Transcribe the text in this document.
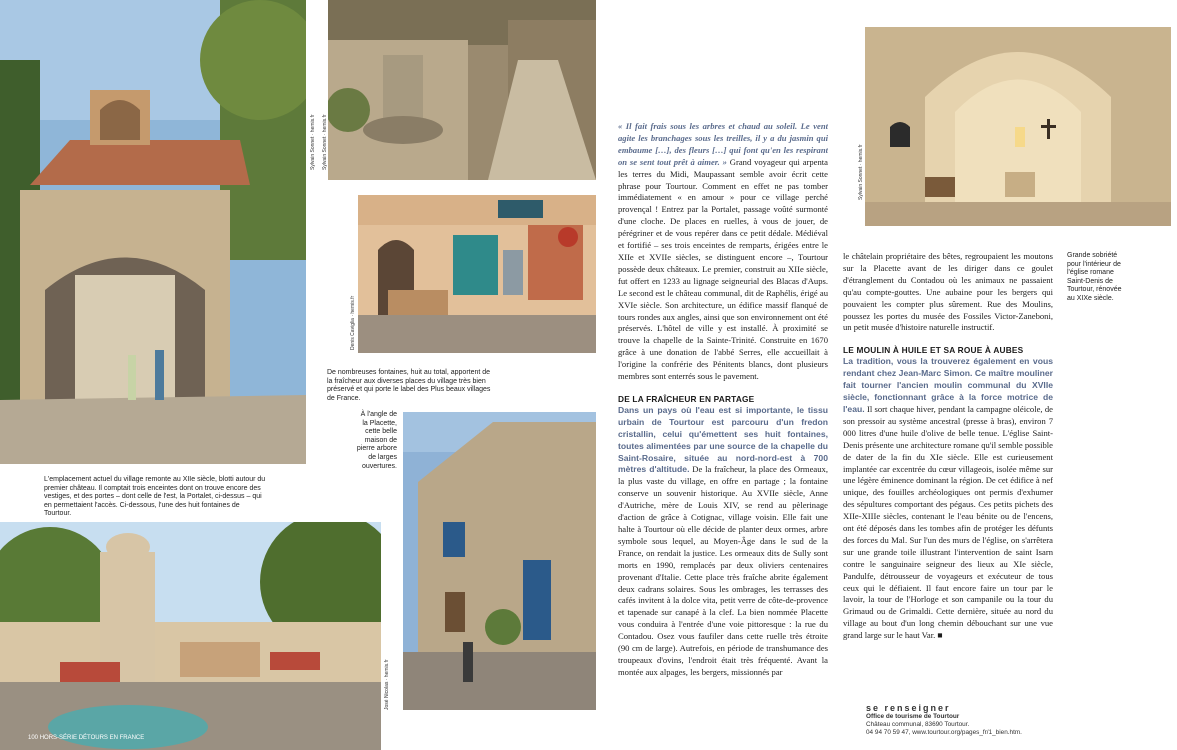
Sylvain Sonnet · hemis.fr Sylvain Sonnet · hemis.fr
Denis Caviglia · hemis.fr
José Nicolas · hemis.fr
Sylvain Sonnet · hemis.fr
L'emplacement actuel du village remonte au XIIe siècle, blotti autour du premier château. Il comptait trois enceintes dont on trouve encore des vestiges, et des portes – dont celle de l'est, la Portalet, ci-dessus – qui en permettaient l'accès. Ci-dessous, l'une des huit fontaines de Tourtour.
De nombreuses fontaines, huit au total, apportent de la fraîcheur aux diverses places du village très bien préservé et qui porte le label des Plus beaux villages de France.
À l'angle de la Placette, cette belle maison de pierre arbore de larges ouvertures.
Grande sobriété pour l'intérieur de l'église romane Saint-Denis de Tourtour, rénovée au XIXe siècle.

« Il fait frais sous les arbres et chaud au soleil. Le vent agite les branchages sous les treilles, il y a du jasmin qui embaume […], des fleurs […] qui font qu'en les respirant on se sent tout prêt à aimer. » Grand voyageur qui arpenta les terres du Midi, Maupassant semble avoir écrit cette phrase pour Tourtour. Comment en effet ne pas tomber immédiatement « en amour » pour ce village perché provençal ! Entrez par la Portalet, passage voûté surmonté d'une cloche. De places en ruelles, à vous de jouer, de pérégriner et de vous repérer dans ce petit dédale. Médiéval et fortifié – ses trois enceintes de remparts, érigées entre le XIIe et XVIIe siècles, se distinguent encore –, Tourtour possède deux châteaux. Le premier, construit au XIIe siècle, fut offert en 1233 au lignage seigneurial des Blacas d'Aups. Le second est le château communal, dit de Raphélis, érigé au XVIe siècle. Son architecture, un édifice massif flanqué de tours rondes aux angles, ainsi que son environnement ont été préservés. L'hôtel de ville y est installé. À proximité se trouve la chapelle de la Sainte-Trinité. Construite en 1670 grâce à une donation de l'abbé Serres, elle accueillait à l'origine la confrérie des Pénitents blancs, dont plusieurs membres sont enterrés sous le pavement.

DE LA FRAÎCHEUR EN PARTAGE

Dans un pays où l'eau est si importante, le tissu urbain de Tourtour est parcouru d'un fredon cristallin, celui qu'émettent ses huit fontaines, toutes alimentées par une source de la chapelle du Saint-Rosaire, située au nord-nord-est à 700 mètres d'altitude. De la fraîcheur, la place des Ormeaux, la plus vaste du village, en offre en partage ; la fontaine conserve un souvenir historique. Au XVIIe siècle, Anne d'Autriche, mère de Louis XIV, se rend au pèlerinage d'action de grâce à Cotignac, village voisin. Elle fait une halte à Tourtour où elle décide de planter deux ormes, arbre symbole sous lequel, au Moyen-Âge dans le sud de la France, on rendait la justice. Les ormeaux dits de Sully sont morts en 1990, remplacés par deux oliviers centenaires provenant d'Italie. Cette place très fraîche abrite également deux cadrans solaires. Sous les ombrages, les terrasses des cafés invitent à la dolce vita, petit verre de côte-de-provence et tapenade sur canapé à la clef. La bien nommée Placette vous conduira à l'entrée d'une voie pittoresque : la rue du Contadou. Osez vous faufiler dans cette ruelle très étroite (90 cm de large). Autrefois, en période de transhumance des troupeaux d'ovins, l'endroit était très fréquenté. Avant la montée aux alpages, les bergers, missionnés par

le châtelain propriétaire des bêtes, regroupaient les moutons sur la Placette avant de les diriger dans ce goulet d'étranglement du Contadou où les animaux ne passaient qu'au compte-gouttes. Une aubaine pour les bergers qui pouvaient les compter plus sûrement. Rue des Moulins, poussez les portes du musée des Fossiles Victor-Zaneboni, un petit musée d'histoire naturelle instructif.

LE MOULIN À HUILE ET SA ROUE À AUBES

La tradition, vous la trouverez également en vous rendant chez Jean-Marc Simon. Ce maître mouliner fait tourner l'ancien moulin communal du XVIIe siècle, fonctionnant grâce à la force motrice de l'eau. Il sort chaque hiver, pendant la campagne oléicole, de son pressoir au système ancestral (presse à bras), environ 7 000 litres d'une huile d'olive de belle tenue. L'église Saint-Denis présente une architecture romane qu'il semble possible de dater de la fin du XIe siècle. Elle est curieusement implantée car excentrée du cœur villageois, isolée même sur une légère éminence dominant la région. De cet édifice à nef unique, des fouilles archéologiques ont permis d'exhumer des sépultures comportant des pégaus. Ces petits pichets des XIIe-XIIIe siècles, contenant le l'eau bénite ou de l'encens, ont été déposés dans les tombes afin de protéger les défunts des forces du Mal. Sur l'un des murs de l'église, on s'arrêtera sur une grande toile illustrant l'intervention de saint Isarn contre le sanguinaire seigneur des lieux au XIe siècle, Pandulfe, détrousseur de voyageurs et exécuteur de tous ceux qui le défiaient. Il faut encore faire un tour par le lavoir, la tour de l'Horloge et son campanile ou la tour du Grimaud ou de Grimaldi. Cette dernière, située au nord du village au bout d'un long chemin débouchant sur une vue grand large sur le haut Var. ■

se renseigner
Office de tourisme de Tourtour
Château communal, 83690 Tourtour.
04 94 70 59 47, www.tourtour.org/pages_fr/1_bien.htm.
100 HORS-SÉRIE DÉTOURS EN FRANCE
